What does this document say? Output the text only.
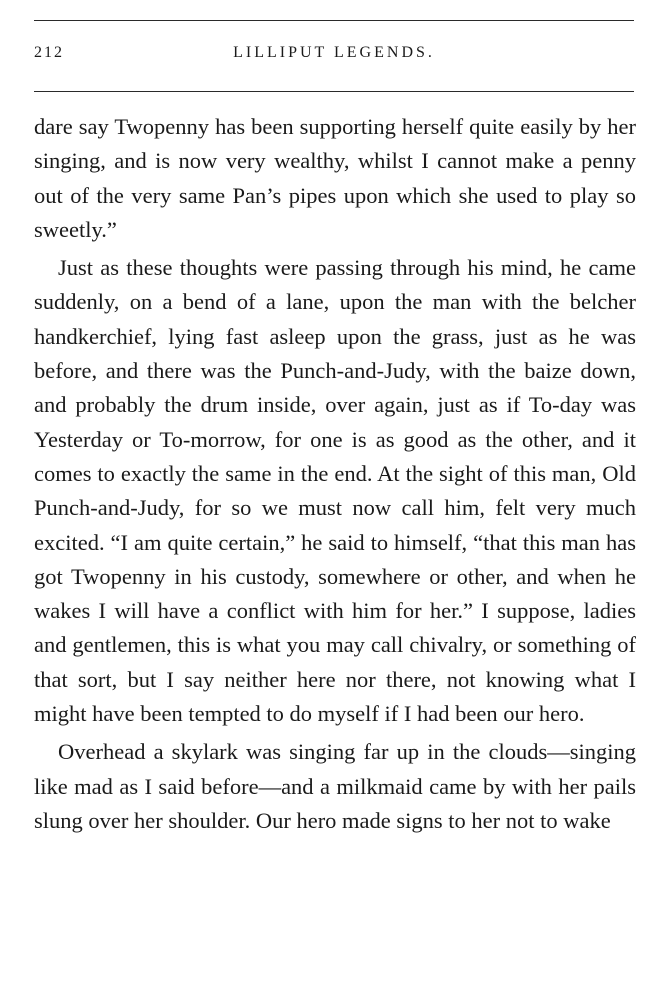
212	LILLIPUT LEGENDS.

dare say Twopenny has been supporting herself quite easily by her singing, and is now very wealthy, whilst I cannot make a penny out of the very same Pan’s pipes upon which she used to play so sweetly.”

Just as these thoughts were passing through his mind, he came suddenly, on a bend of a lane, upon the man with the belcher handkerchief, lying fast asleep upon the grass, just as he was before, and there was the Punch-and-Judy, with the baize down, and probably the drum inside, over again, just as if To-day was Yesterday or To-morrow, for one is as good as the other, and it comes to exactly the same in the end. At the sight of this man, Old Punch-and-Judy, for so we must now call him, felt very much excited. “I am quite certain,” he said to himself, “that this man has got Twopenny in his custody, somewhere or other, and when he wakes I will have a conflict with him for her.” I suppose, ladies and gentlemen, this is what you may call chivalry, or something of that sort, but I say neither here nor there, not knowing what I might have been tempted to do myself if I had been our hero.

Overhead a skylark was singing far up in the clouds—singing like mad as I said before—and a milkmaid came by with her pails slung over her shoulder. Our hero made signs to her not to wake
